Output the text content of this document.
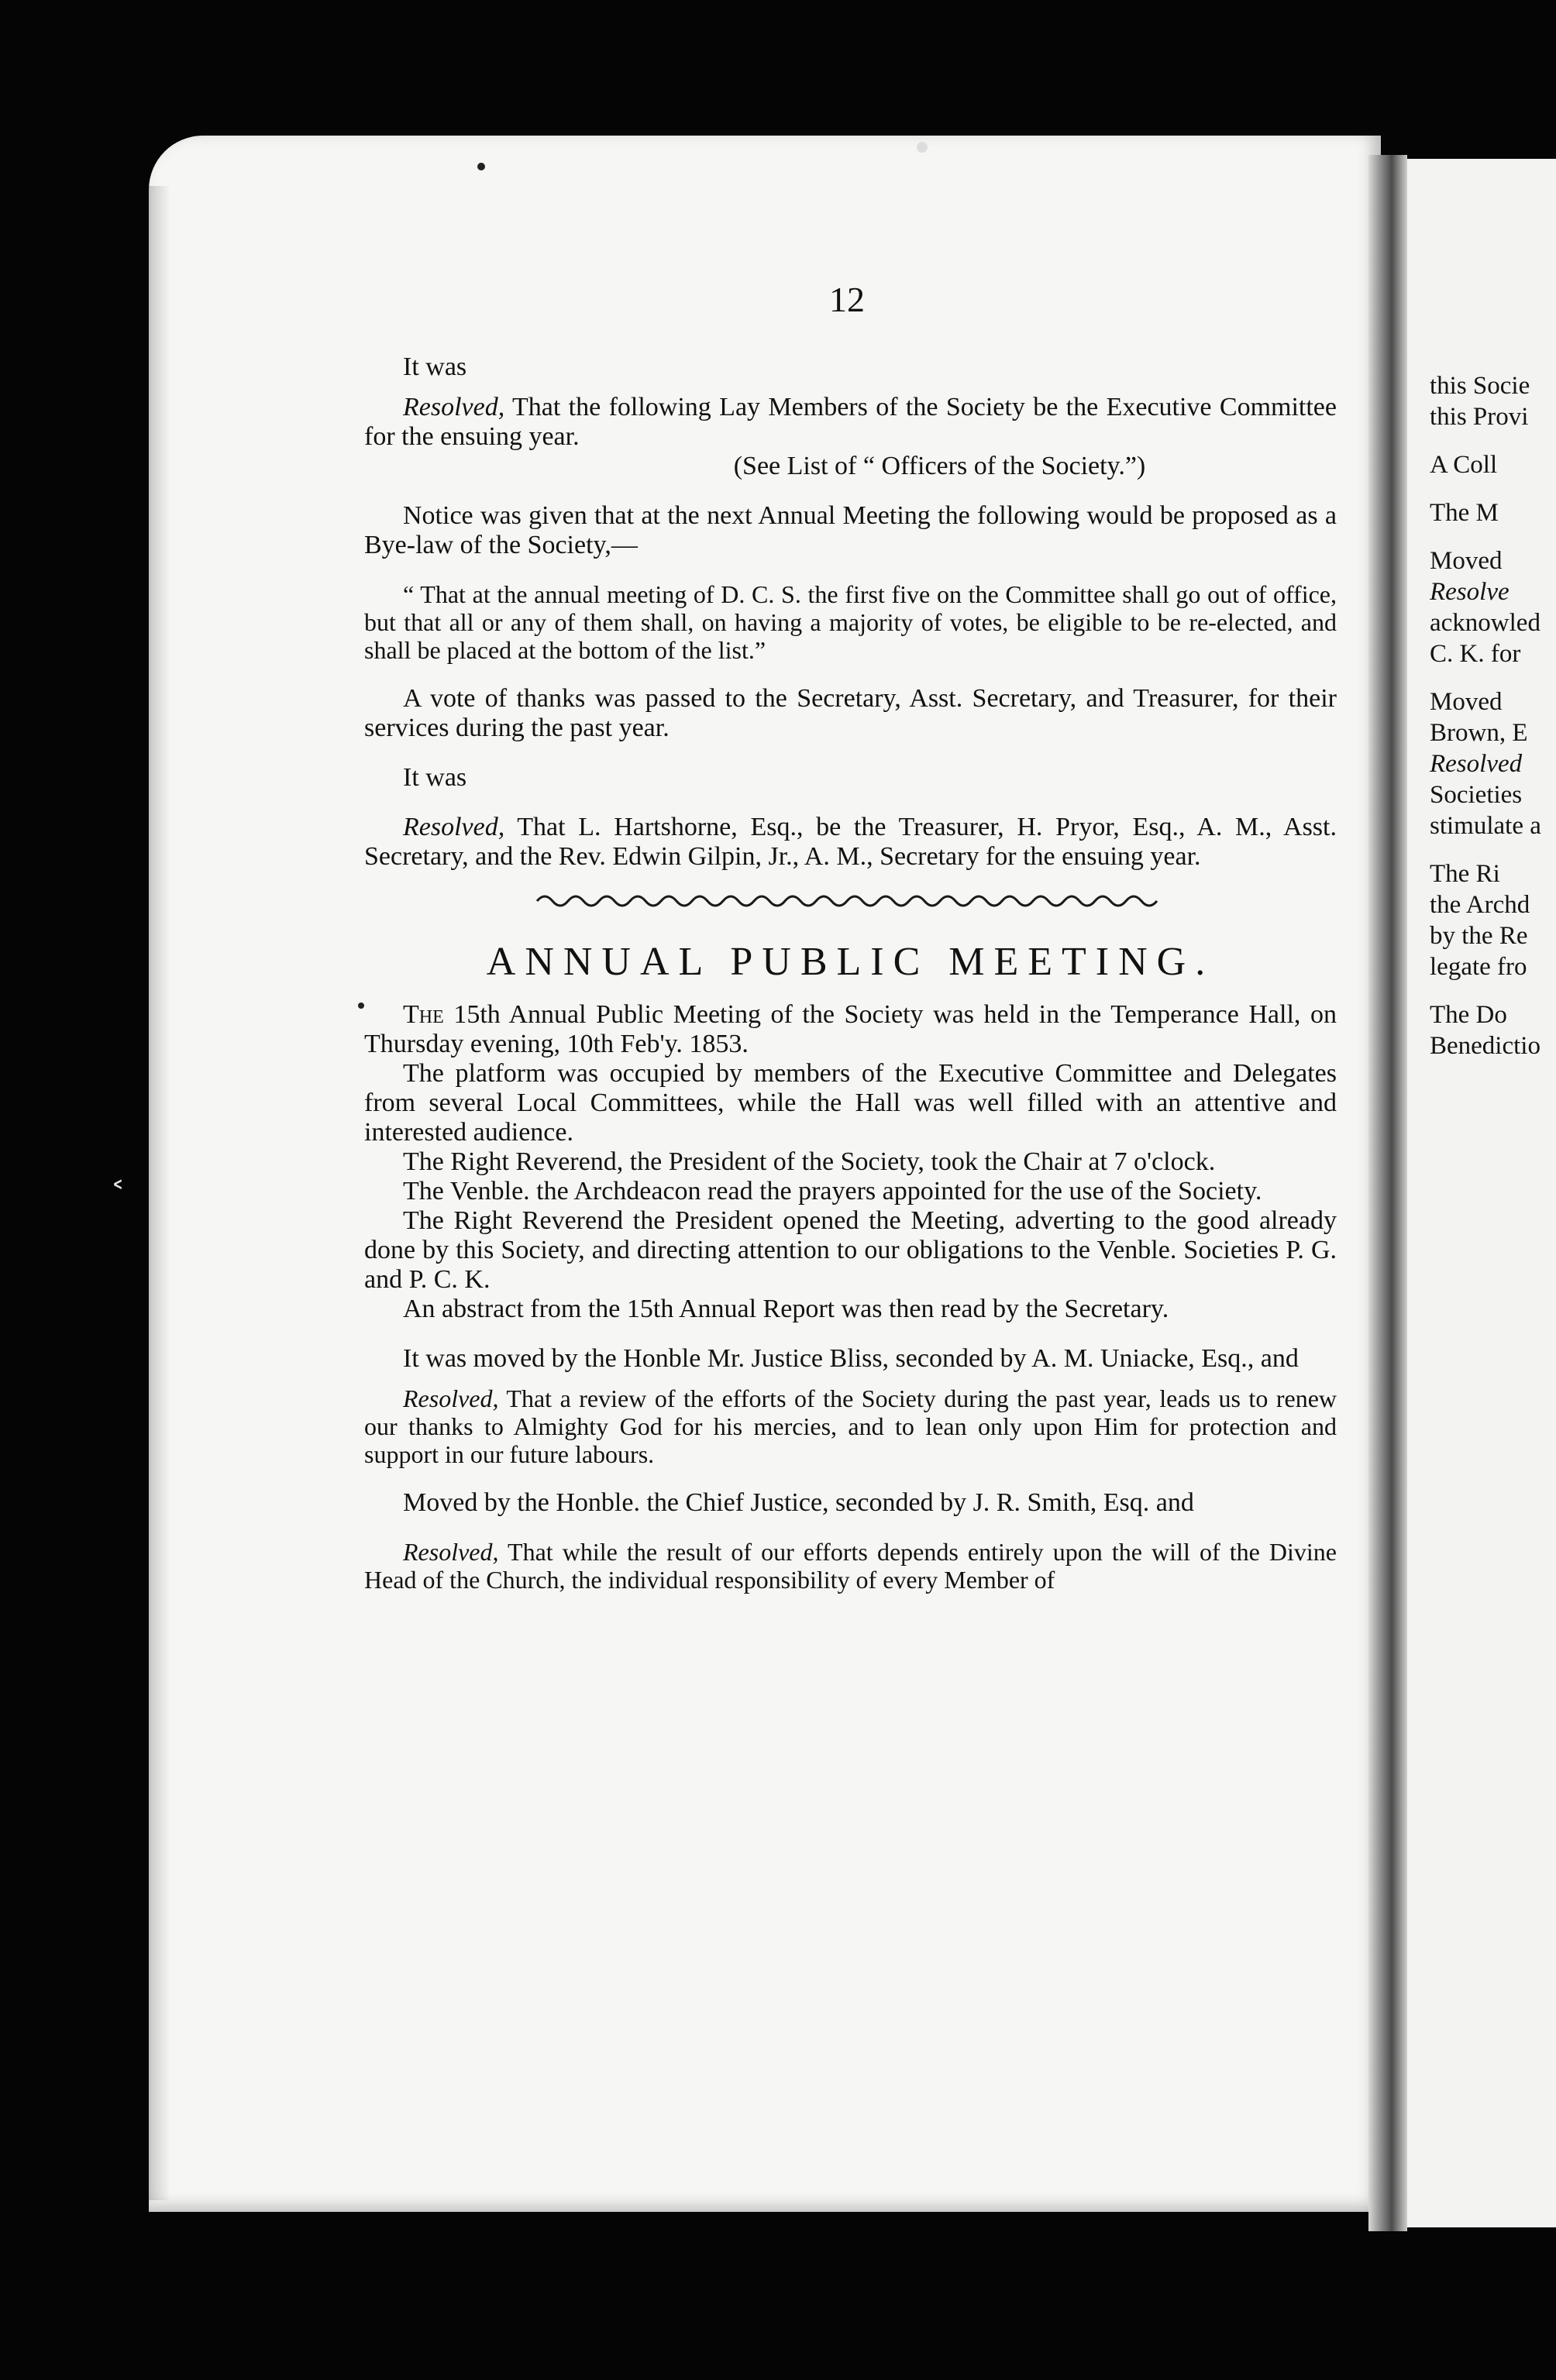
˂
12

It was

Resolved, That the following Lay Members of the Society be the Executive Committee for the ensuing year.

(See List of “ Officers of the Society.”)

Notice was given that at the next Annual Meeting the following would be proposed as a Bye-law of the Society,—

“ That at the annual meeting of D. C. S. the first five on the Committee shall go out of office, but that all or any of them shall, on having a majority of votes, be eligible to be re-elected, and shall be placed at the bottom of the list.”

A vote of thanks was passed to the Secretary, Asst. Secretary, and Treasurer, for their services during the past year.

It was

Resolved, That L. Hartshorne, Esq., be the Treasurer, H. Pryor, Esq., A. M., Asst. Secretary, and the Rev. Edwin Gilpin, Jr., A. M., Secretary for the ensuing year.

ANNUAL PUBLIC MEETING.

The 15th Annual Public Meeting of the Society was held in the Temperance Hall, on Thursday evening, 10th Feb'y. 1853.

The platform was occupied by members of the Executive Committee and Delegates from several Local Committees, while the Hall was well filled with an attentive and interested audience.

The Right Reverend, the President of the Society, took the Chair at 7 o'clock.

The Venble. the Archdeacon read the prayers appointed for the use of the Society.

The Right Reverend the President opened the Meeting, adverting to the good already done by this Society, and directing attention to our obligations to the Venble. Societies P. G. and P. C. K.

An abstract from the 15th Annual Report was then read by the Secretary.

It was moved by the Honble Mr. Justice Bliss, seconded by A. M. Uniacke, Esq., and

Resolved, That a review of the efforts of the Society during the past year, leads us to renew our thanks to Almighty God for his mercies, and to lean only upon Him for protection and support in our future labours.

Moved by the Honble. the Chief Justice, seconded by J. R. Smith, Esq. and

Resolved, That while the result of our efforts depends entirely upon the will of the Divine Head of the Church, the individual responsibility of every Member of

this Socie
this Provi
A Coll
The M
Moved
Resolve
acknowled
C. K. for
Moved
Brown, E
Resolved
Societies
stimulate a
The Ri
the Archd
by the Re
legate fro
The Do
Benedictio
